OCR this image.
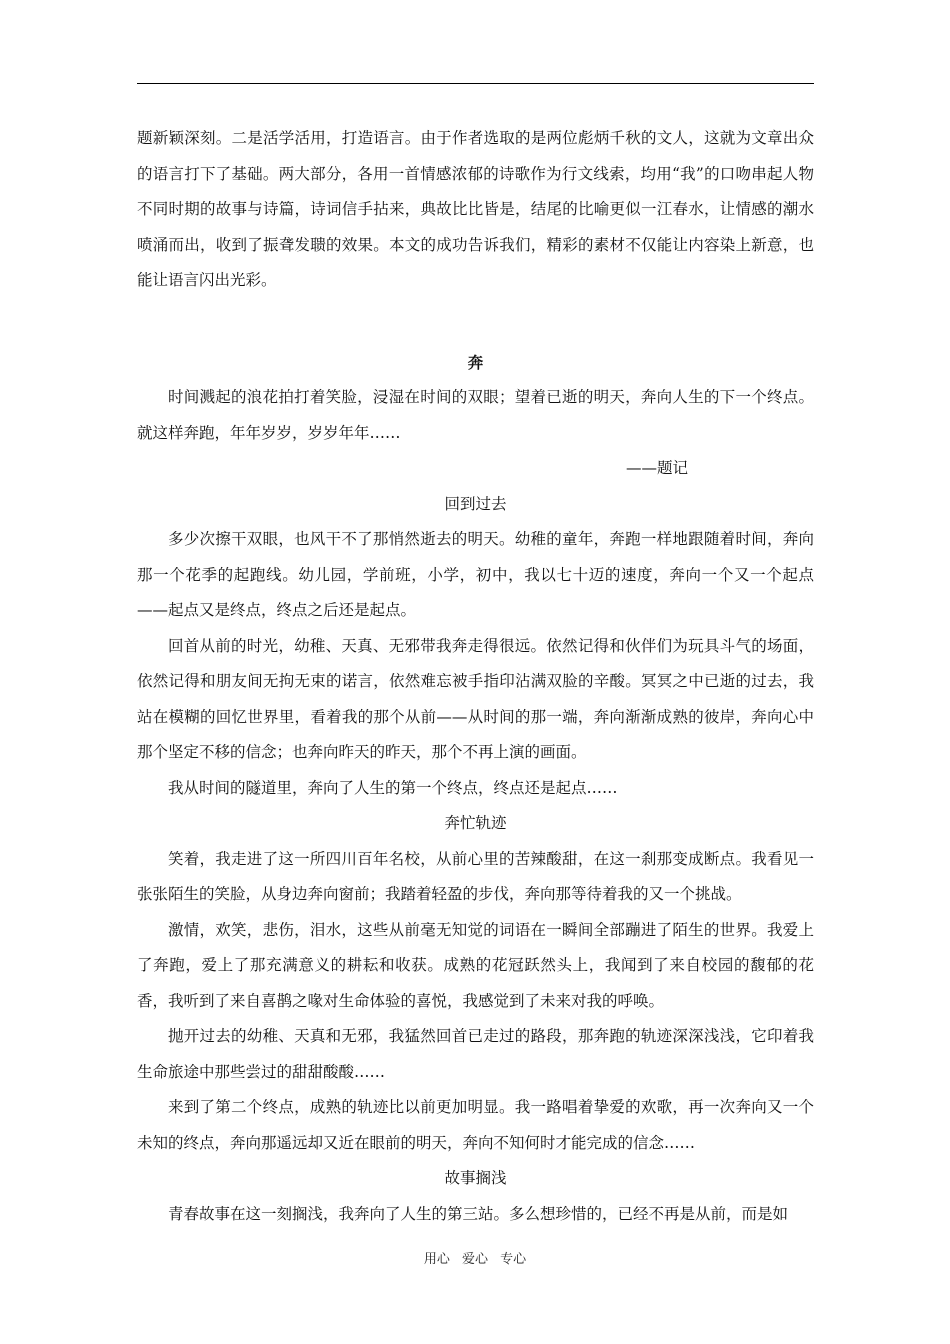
题新颖深刻。二是活学活用，打造语言。由于作者选取的是两位彪炳千秋的文人，这就为文章出众的语言打下了基础。两大部分，各用一首情感浓郁的诗歌作为行文线索，均用“我”的口吻串起人物不同时期的故事与诗篇，诗词信手拈来，典故比比皆是，结尾的比喻更似一江春水，让情感的潮水喷涌而出，收到了振聋发聩的效果。本文的成功告诉我们，精彩的素材不仅能让内容染上新意，也能让语言闪出光彩。

奔

时间溅起的浪花拍打着笑脸，浸湿在时间的双眼；望着已逝的明天，奔向人生的下一个终点。就这样奔跑，年年岁岁，岁岁年年……

——题记

回到过去

多少次擦干双眼，也风干不了那悄然逝去的明天。幼稚的童年，奔跑一样地跟随着时间，奔向那一个花季的起跑线。幼儿园，学前班，小学，初中，我以七十迈的速度，奔向一个又一个起点——起点又是终点，终点之后还是起点。

回首从前的时光，幼稚、天真、无邪带我奔走得很远。依然记得和伙伴们为玩具斗气的场面，依然记得和朋友间无拘无束的诺言，依然难忘被手指印沾满双脸的辛酸。冥冥之中已逝的过去，我站在模糊的回忆世界里，看着我的那个从前——从时间的那一端，奔向渐渐成熟的彼岸，奔向心中那个坚定不移的信念；也奔向昨天的昨天，那个不再上演的画面。

我从时间的隧道里，奔向了人生的第一个终点，终点还是起点……

奔忙轨迹

笑着，我走进了这一所四川百年名校，从前心里的苦辣酸甜，在这一刹那变成断点。我看见一张张陌生的笑脸，从身边奔向窗前；我踏着轻盈的步伐，奔向那等待着我的又一个挑战。

激情，欢笑，悲伤，泪水，这些从前毫无知觉的词语在一瞬间全部蹦进了陌生的世界。我爱上了奔跑，爱上了那充满意义的耕耘和收获。成熟的花冠跃然头上，我闻到了来自校园的馥郁的花香，我听到了来自喜鹊之喙对生命体验的喜悦，我感觉到了未来对我的呼唤。

抛开过去的幼稚、天真和无邪，我猛然回首已走过的路段，那奔跑的轨迹深深浅浅，它印着我生命旅途中那些尝过的甜甜酸酸……

来到了第二个终点，成熟的轨迹比以前更加明显。我一路唱着挚爱的欢歌，再一次奔向又一个未知的终点，奔向那遥远却又近在眼前的明天，奔向不知何时才能完成的信念……

故事搁浅

青春故事在这一刻搁浅，我奔向了人生的第三站。多么想珍惜的，已经不再是从前，而是如

用心 爱心 专心
